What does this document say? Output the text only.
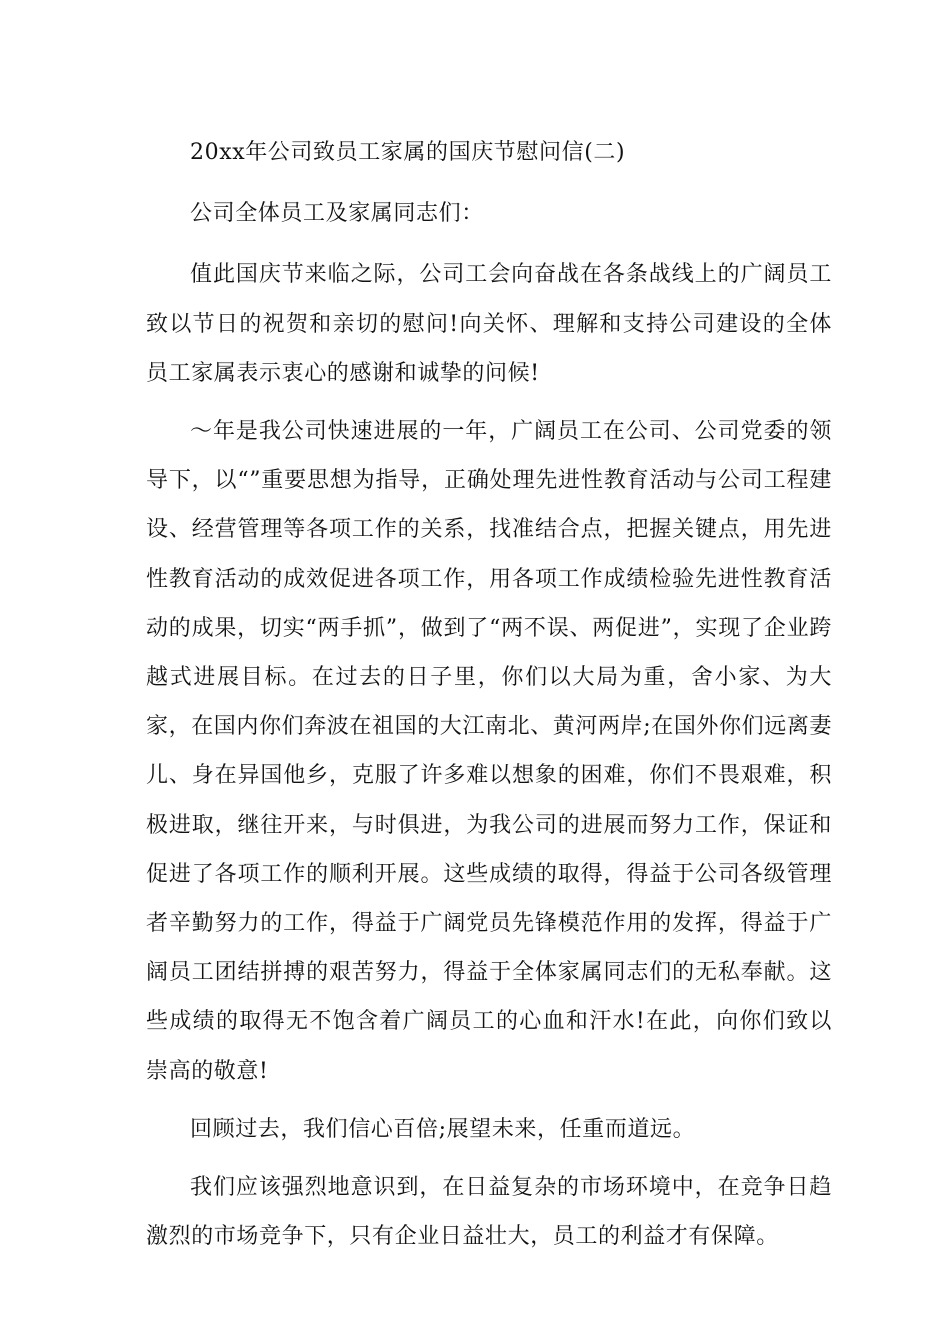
20xx年公司致员工家属的国庆节慰问信(二)

公司全体员工及家属同志们：

值此国庆节来临之际，公司工会向奋战在各条战线上的广阔员工致以节日的祝贺和亲切的慰问!向关怀、理解和支持公司建设的全体员工家属表示衷心的感谢和诚挚的问候!

～年是我公司快速进展的一年，广阔员工在公司、公司党委的领导下，以“”重要思想为指导，正确处理先进性教育活动与公司工程建设、经营管理等各项工作的关系，找准结合点，把握关键点，用先进性教育活动的成效促进各项工作，用各项工作成绩检验先进性教育活动的成果，切实“两手抓”，做到了“两不误、两促进”，实现了企业跨越式进展目标。在过去的日子里，你们以大局为重，舍小家、为大家，在国内你们奔波在祖国的大江南北、黄河两岸;在国外你们远离妻儿、身在异国他乡，克服了许多难以想象的困难，你们不畏艰难，积极进取，继往开来，与时俱进，为我公司的进展而努力工作，保证和促进了各项工作的顺利开展。这些成绩的取得，得益于公司各级管理者辛勤努力的工作，得益于广阔党员先锋模范作用的发挥，得益于广阔员工团结拼搏的艰苦努力，得益于全体家属同志们的无私奉献。这些成绩的取得无不饱含着广阔员工的心血和汗水!在此，向你们致以崇高的敬意!

回顾过去，我们信心百倍;展望未来，任重而道远。

我们应该强烈地意识到，在日益复杂的市场环境中，在竞争日趋激烈的市场竞争下，只有企业日益壮大，员工的利益才有保障。
